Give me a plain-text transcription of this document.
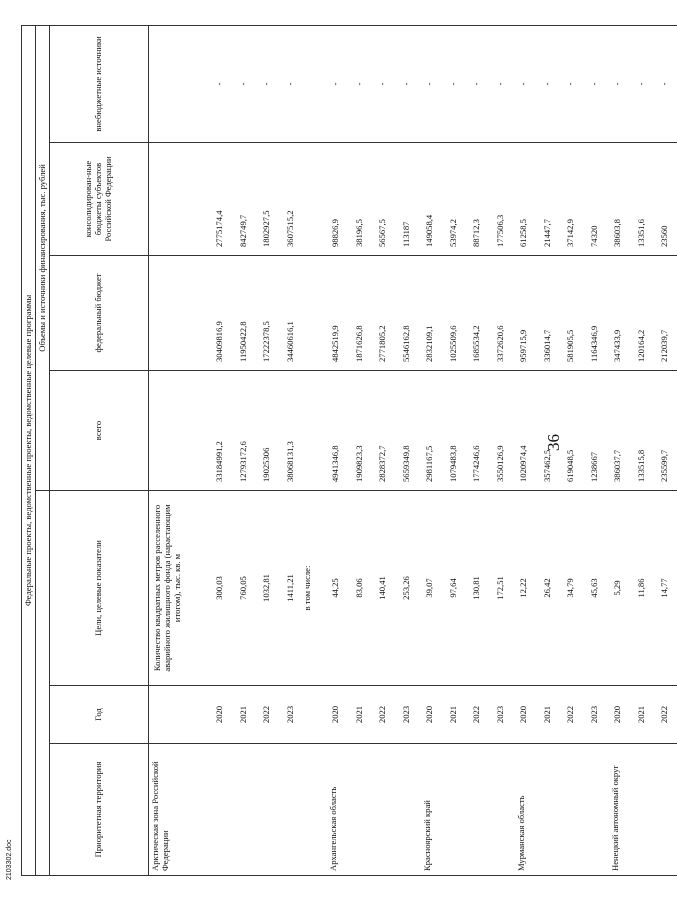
Федеральные проекты, ведомственные проекты, ведомственные целевые программы						
			Объемы и источники финансирования, тыс. рублей			
Приоритетная территория	Год	Цели, целевые показатели	всего	федеральный бюджет	консолидирован-ные бюджеты субъектов Российской Федерации	внебюджетные источники
Арктическая зона Российской Федерации		Количество квадратных метров расселенного аварийного жилищного фонда (нарастающим итогом), тыс. кв. м				
	2020	300,03	33184991,2	30409816,9	2775174,4	-
	2021	760,05	12793172,6	11950422,8	842749,7	-
	2022	1032,81	19025306	17222378,5	1802927,5	-
	2023	1411,21	38068131,3	34460616,1	3607515,2	-
		в том числе:				
Архангельская область	2020	44,25	4941346,8	4842519,9	98826,9	-
	2021	83,06	1909823,3	1871626,8	38196,5	-
	2022	140,41	2828372,7	2771805,2	56567,5	-
	2023	253,26	5659349,8	5546162,8	113187	-
Красноярский край	2020	39,07	2981167,5	2832109,1	149058,4	-
	2021	97,64	1079483,8	1025509,6	53974,2	-
	2022	130,81	1774246,6	1685534,2	88712,3	-
	2023	172,51	3550126,9	3372620,6	177506,3	-
Мурманская область	2020	12,22	1020974,4	959715,9	61258,5	-
	2021	26,42	357462,5	336014,7	21447,7	-
	2022	34,79	619048,5	581905,5	37142,9	-
	2023	45,63	1238667	1164346,9	74320	-
Ненецкий автономный округ	2020	5,29	386037,7	347433,9	38603,8	-
	2021	11,86	133515,8	120164,2	13351,6	-
	2022	14,77	235599,7	212039,7	23560	-
36
2103302.doc
